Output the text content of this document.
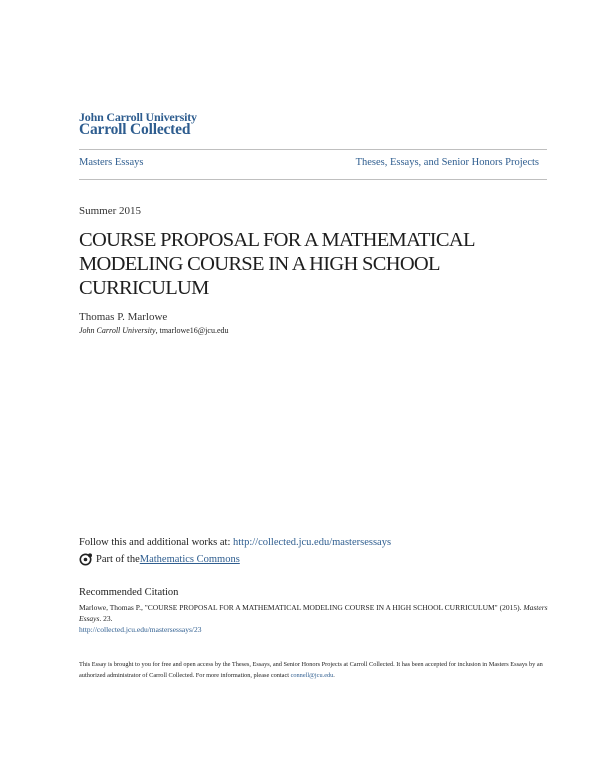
John Carroll University
Carroll Collected
Masters Essays	Theses, Essays, and Senior Honors Projects
Summer 2015
COURSE PROPOSAL FOR A MATHEMATICAL MODELING COURSE IN A HIGH SCHOOL CURRICULUM
Thomas P. Marlowe
John Carroll University, tmarlowe16@jcu.edu
Follow this and additional works at: http://collected.jcu.edu/mastersessays
Part of the Mathematics Commons
Recommended Citation
Marlowe, Thomas P., "COURSE PROPOSAL FOR A MATHEMATICAL MODELING COURSE IN A HIGH SCHOOL CURRICULUM" (2015). Masters Essays. 23.
http://collected.jcu.edu/mastersessays/23
This Essay is brought to you for free and open access by the Theses, Essays, and Senior Honors Projects at Carroll Collected. It has been accepted for inclusion in Masters Essays by an authorized administrator of Carroll Collected. For more information, please contact connell@jcu.edu.
